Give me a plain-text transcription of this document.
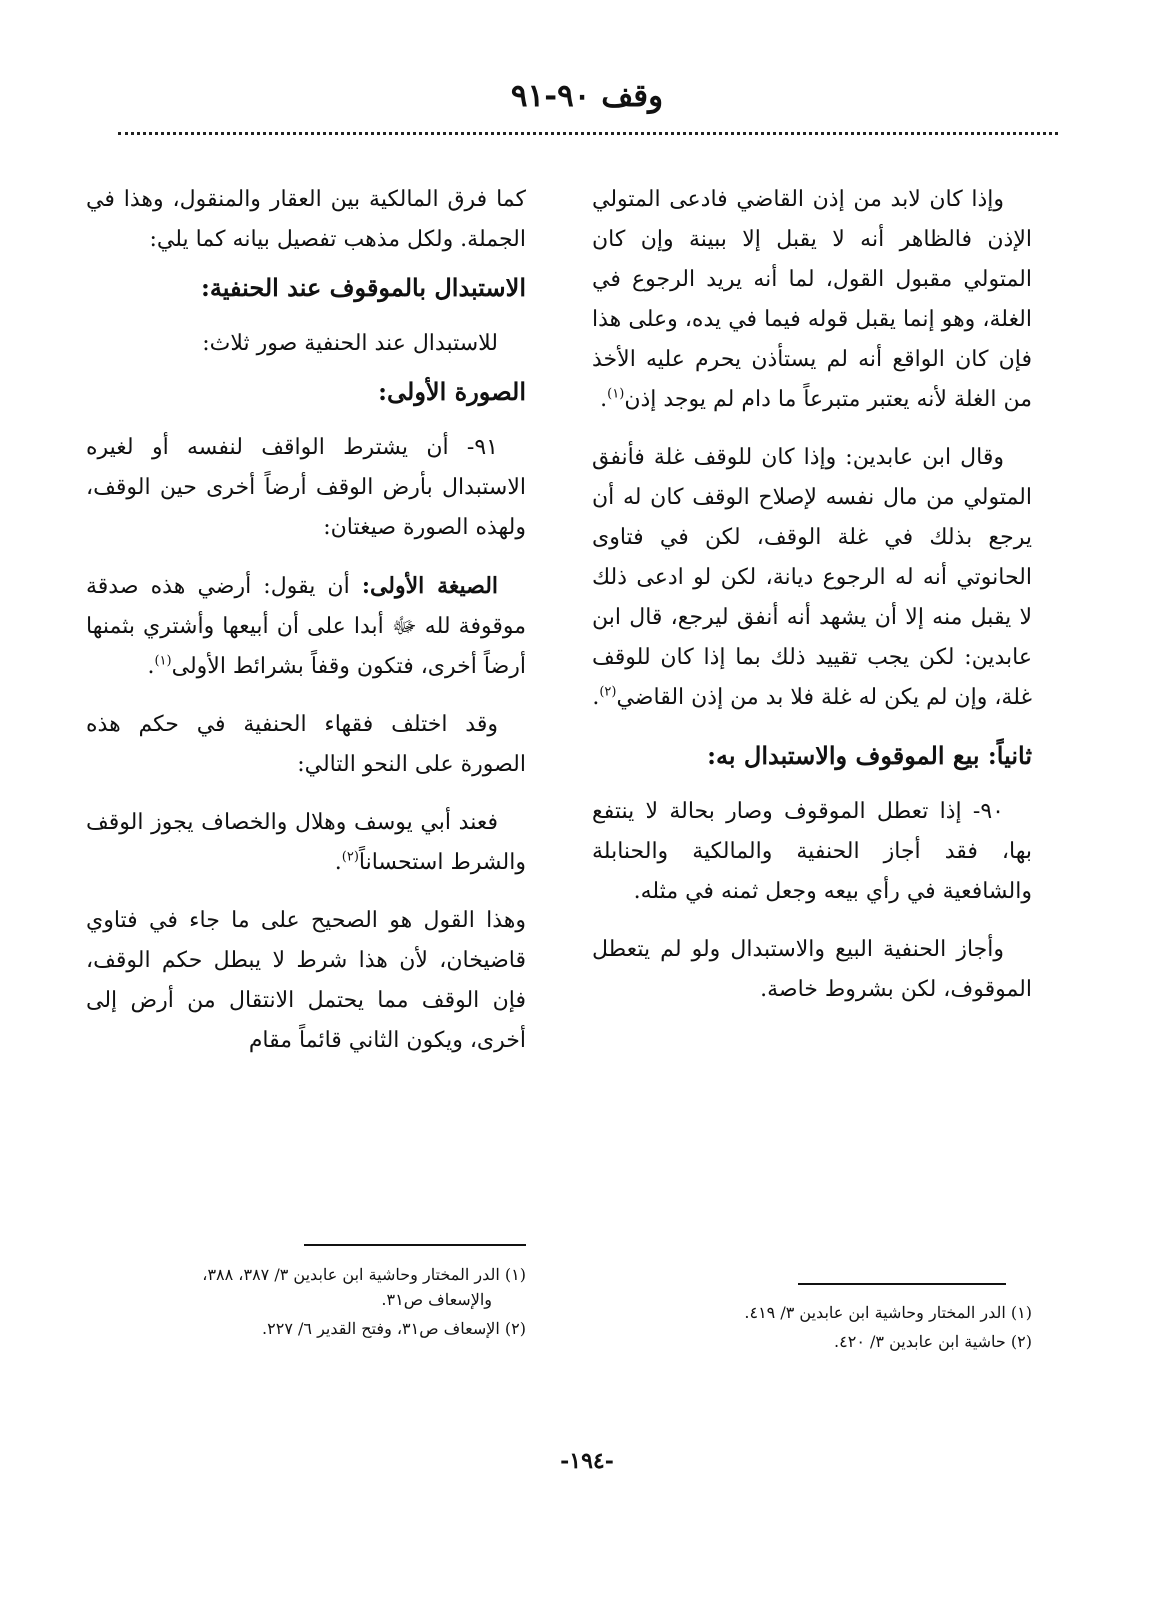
وقف ٩٠-٩١

وإذا كان لابد من إذن القاضي فادعى المتولي الإذن فالظاهر أنه لا يقبل إلا ببينة وإن كان المتولي مقبول القول، لما أنه يريد الرجوع في الغلة، وهو إنما يقبل قوله فيما في يده، وعلى هذا فإن كان الواقع أنه لم يستأذن يحرم عليه الأخذ من الغلة لأنه يعتبر متبرعاً ما دام لم يوجد إذن$^{(١)}$.

وقال ابن عابدين: وإذا كان للوقف غلة فأنفق المتولي من مال نفسه لإصلاح الوقف كان له أن يرجع بذلك في غلة الوقف، لكن في فتاوى الحانوتي أنه له الرجوع ديانة، لكن لو ادعى ذلك لا يقبل منه إلا أن يشهد أنه أنفق ليرجع، قال ابن عابدين: لكن يجب تقييد ذلك بما إذا كان للوقف غلة، وإن لم يكن له غلة فلا بد من إذن القاضي$^{(٢)}$.

ثانياً: بيع الموقوف والاستبدال به:

٩٠- إذا تعطل الموقوف وصار بحالة لا ينتفع بها، فقد أجاز الحنفية والمالكية والحنابلة والشافعية في رأي بيعه وجعل ثمنه في مثله.

وأجاز الحنفية البيع والاستبدال ولو لم يتعطل الموقوف، لكن بشروط خاصة.

(١) الدر المختار وحاشية ابن عابدين ٣/ ٤١٩.

(٢) حاشية ابن عابدين ٣/ ٤٢٠.

كما فرق المالكية بين العقار والمنقول، وهذا في الجملة. ولكل مذهب تفصيل بيانه كما يلي:

الاستبدال بالموقوف عند الحنفية:

للاستبدال عند الحنفية صور ثلاث:

الصورة الأولى:

٩١- أن يشترط الواقف لنفسه أو لغيره الاستبدال بأرض الوقف أرضاً أخرى حين الوقف، ولهذه الصورة صيغتان:

الصيغة الأولى: أن يقول: أرضي هذه صدقة موقوفة لله ﷻ أبدا على أن أبيعها وأشتري بثمنها أرضاً أخرى، فتكون وقفاً بشرائط الأولى$^{(١)}$.

وقد اختلف فقهاء الحنفية في حكم هذه الصورة على النحو التالي:

فعند أبي يوسف وهلال والخصاف يجوز الوقف والشرط استحساناً$^{(٢)}$.

وهذا القول هو الصحيح على ما جاء في فتاوي قاضيخان، لأن هذا شرط لا يبطل حكم الوقف، فإن الوقف مما يحتمل الانتقال من أرض إلى أخرى، ويكون الثاني قائماً مقام

(١) الدر المختار وحاشية ابن عابدين ٣/ ٣٨٧، ٣٨٨،
والإسعاف ص٣١.

(٢) الإسعاف ص٣١، وفتح القدير ٦/ ٢٢٧.

-١٩٤-
